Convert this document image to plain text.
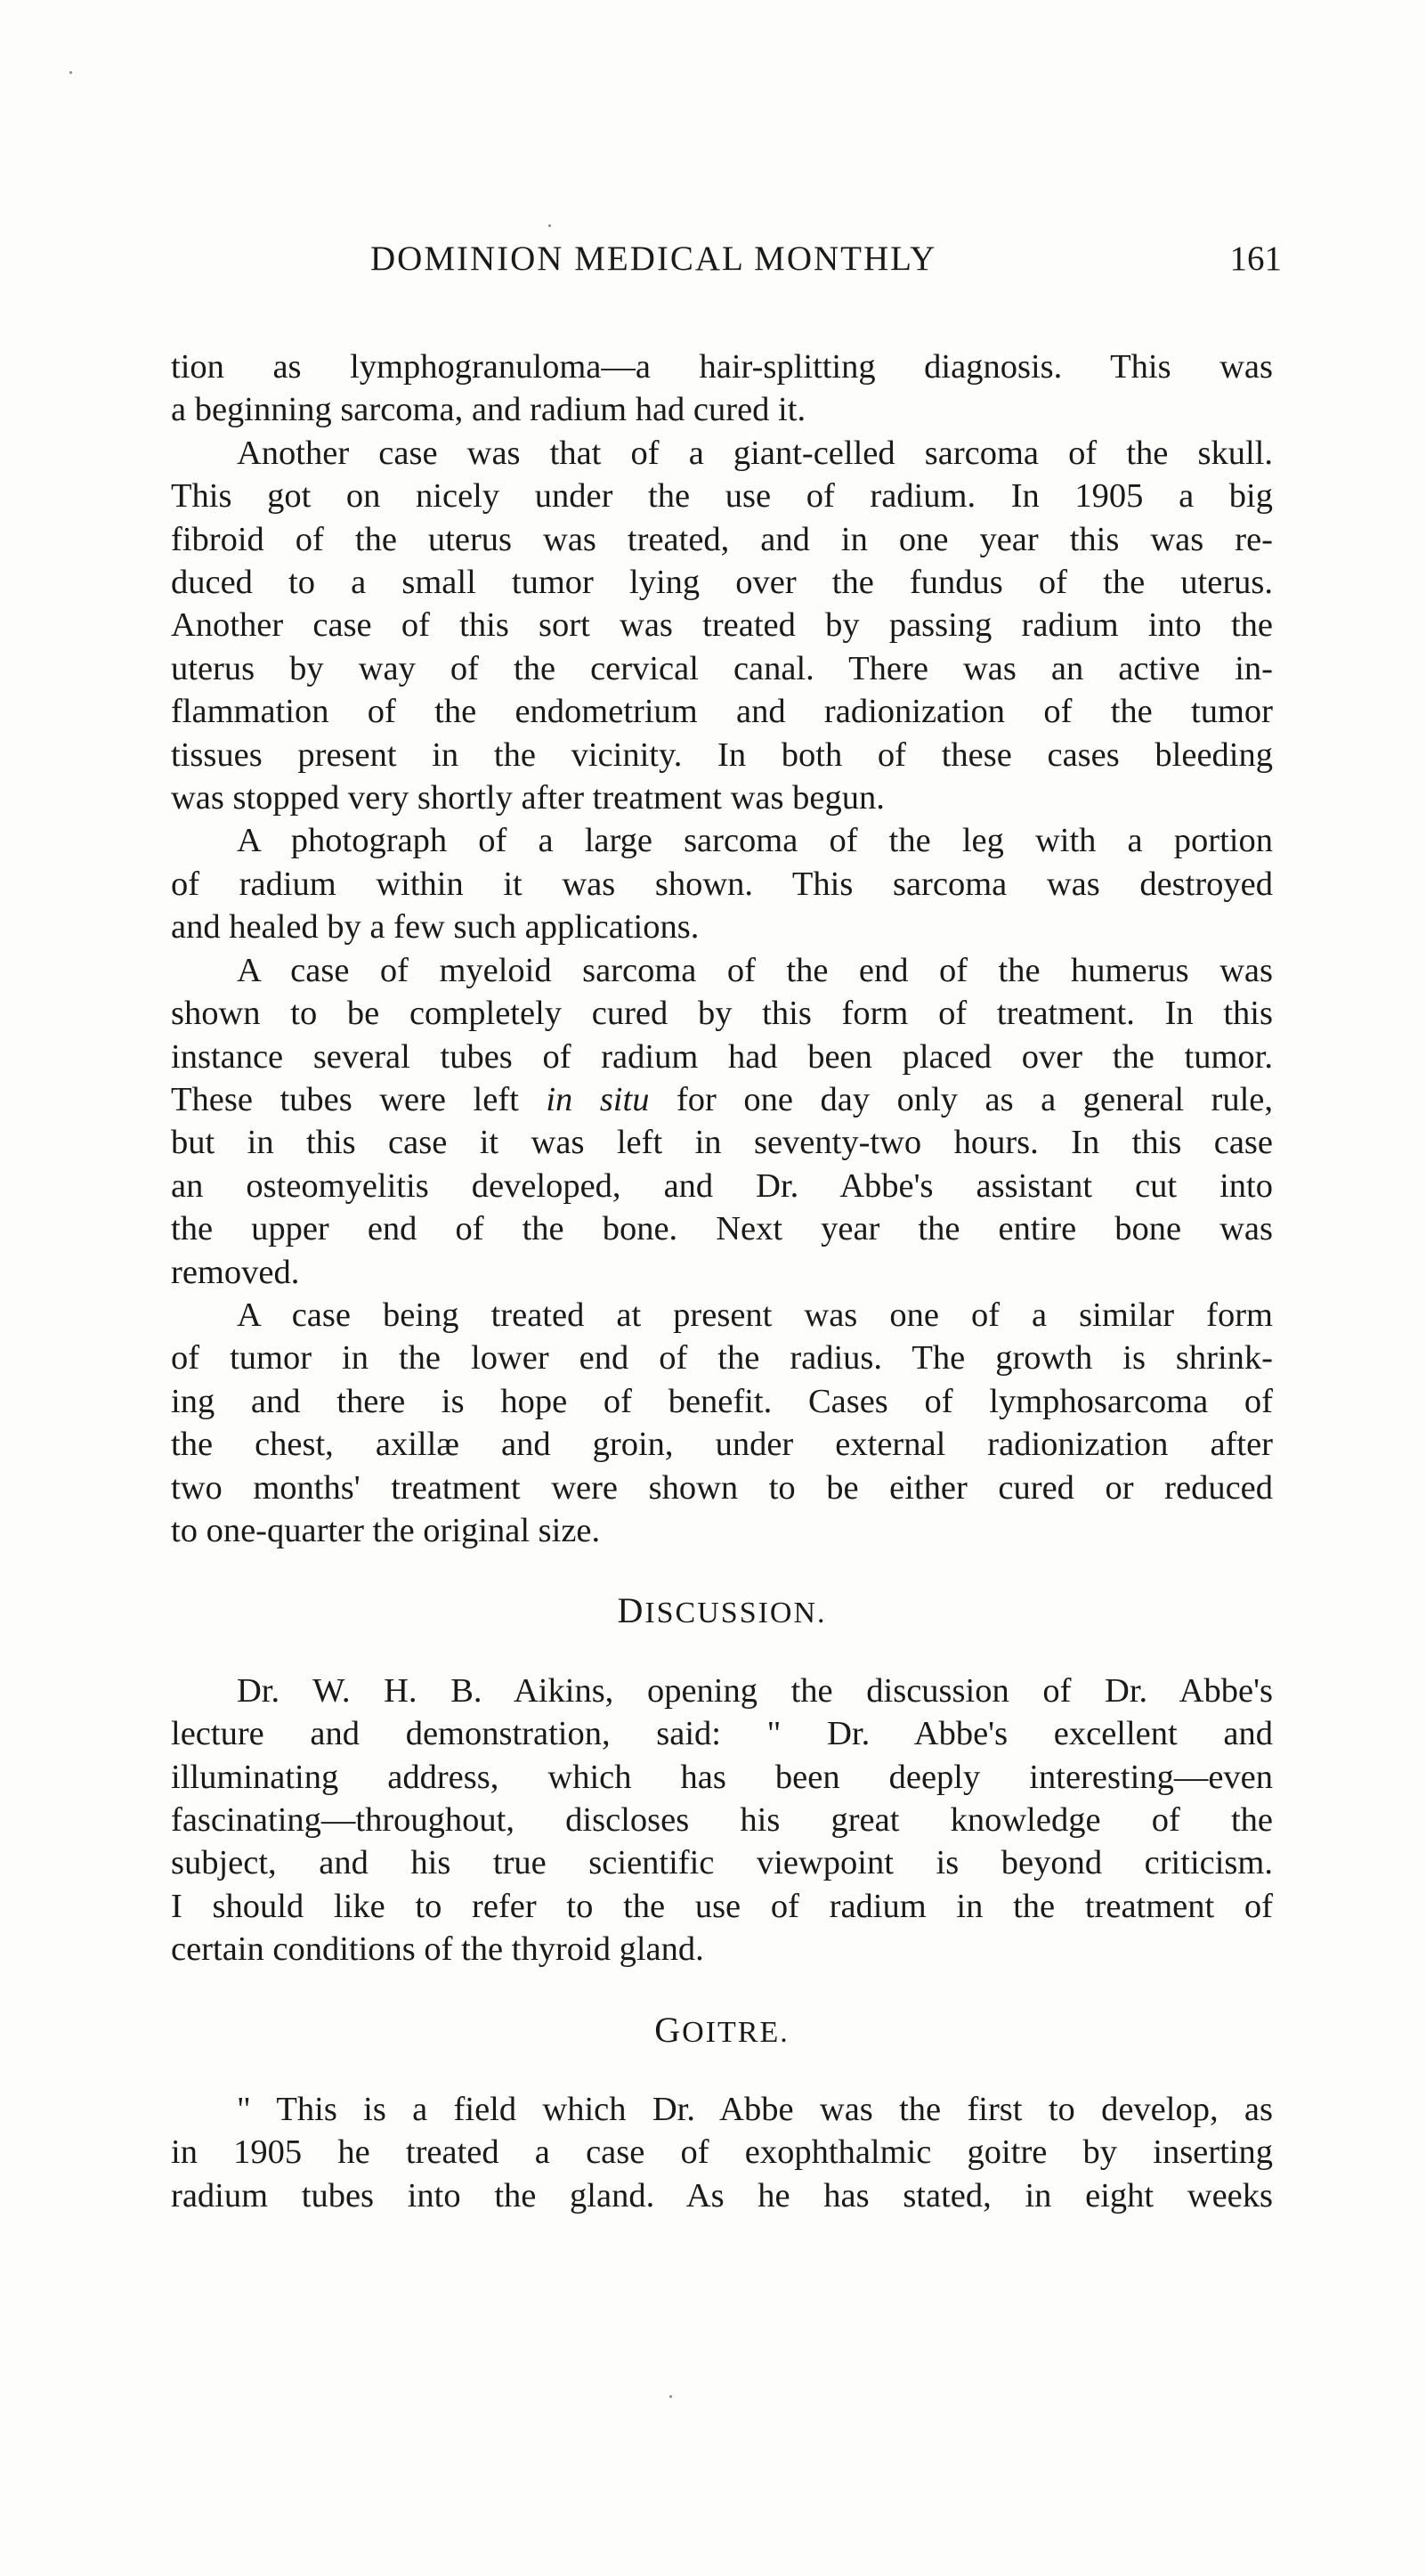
DOMINION MEDICAL MONTHLY	161
tion as lymphogranuloma—a hair-splitting diagnosis. This was
a beginning sarcoma, and radium had cured it.
Another case was that of a giant-celled sarcoma of the skull.
This got on nicely under the use of radium. In 1905 a big
fibroid of the uterus was treated, and in one year this was re-
duced to a small tumor lying over the fundus of the uterus.
Another case of this sort was treated by passing radium into the
uterus by way of the cervical canal. There was an active in-
flammation of the endometrium and radionization of the tumor
tissues present in the vicinity. In both of these cases bleeding
was stopped very shortly after treatment was begun.
A photograph of a large sarcoma of the leg with a portion
of radium within it was shown. This sarcoma was destroyed
and healed by a few such applications.
A case of myeloid sarcoma of the end of the humerus was
shown to be completely cured by this form of treatment. In this
instance several tubes of radium had been placed over the tumor.
These tubes were left in situ for one day only as a general rule,
but in this case it was left in seventy-two hours. In this case
an osteomyelitis developed, and Dr. Abbe's assistant cut into
the upper end of the bone. Next year the entire bone was
removed.
A case being treated at present was one of a similar form
of tumor in the lower end of the radius. The growth is shrink-
ing and there is hope of benefit. Cases of lymphosarcoma of
the chest, axillæ and groin, under external radionization after
two months' treatment were shown to be either cured or reduced
to one-quarter the original size.
DISCUSSION.
Dr. W. H. B. Aikins, opening the discussion of Dr. Abbe's
lecture and demonstration, said: " Dr. Abbe's excellent and
illuminating address, which has been deeply interesting—even
fascinating—throughout, discloses his great knowledge of the
subject, and his true scientific viewpoint is beyond criticism.
I should like to refer to the use of radium in the treatment of
certain conditions of the thyroid gland.
GOITRE.
" This is a field which Dr. Abbe was the first to develop, as
in 1905 he treated a case of exophthalmic goitre by inserting
radium tubes into the gland. As he has stated, in eight weeks
